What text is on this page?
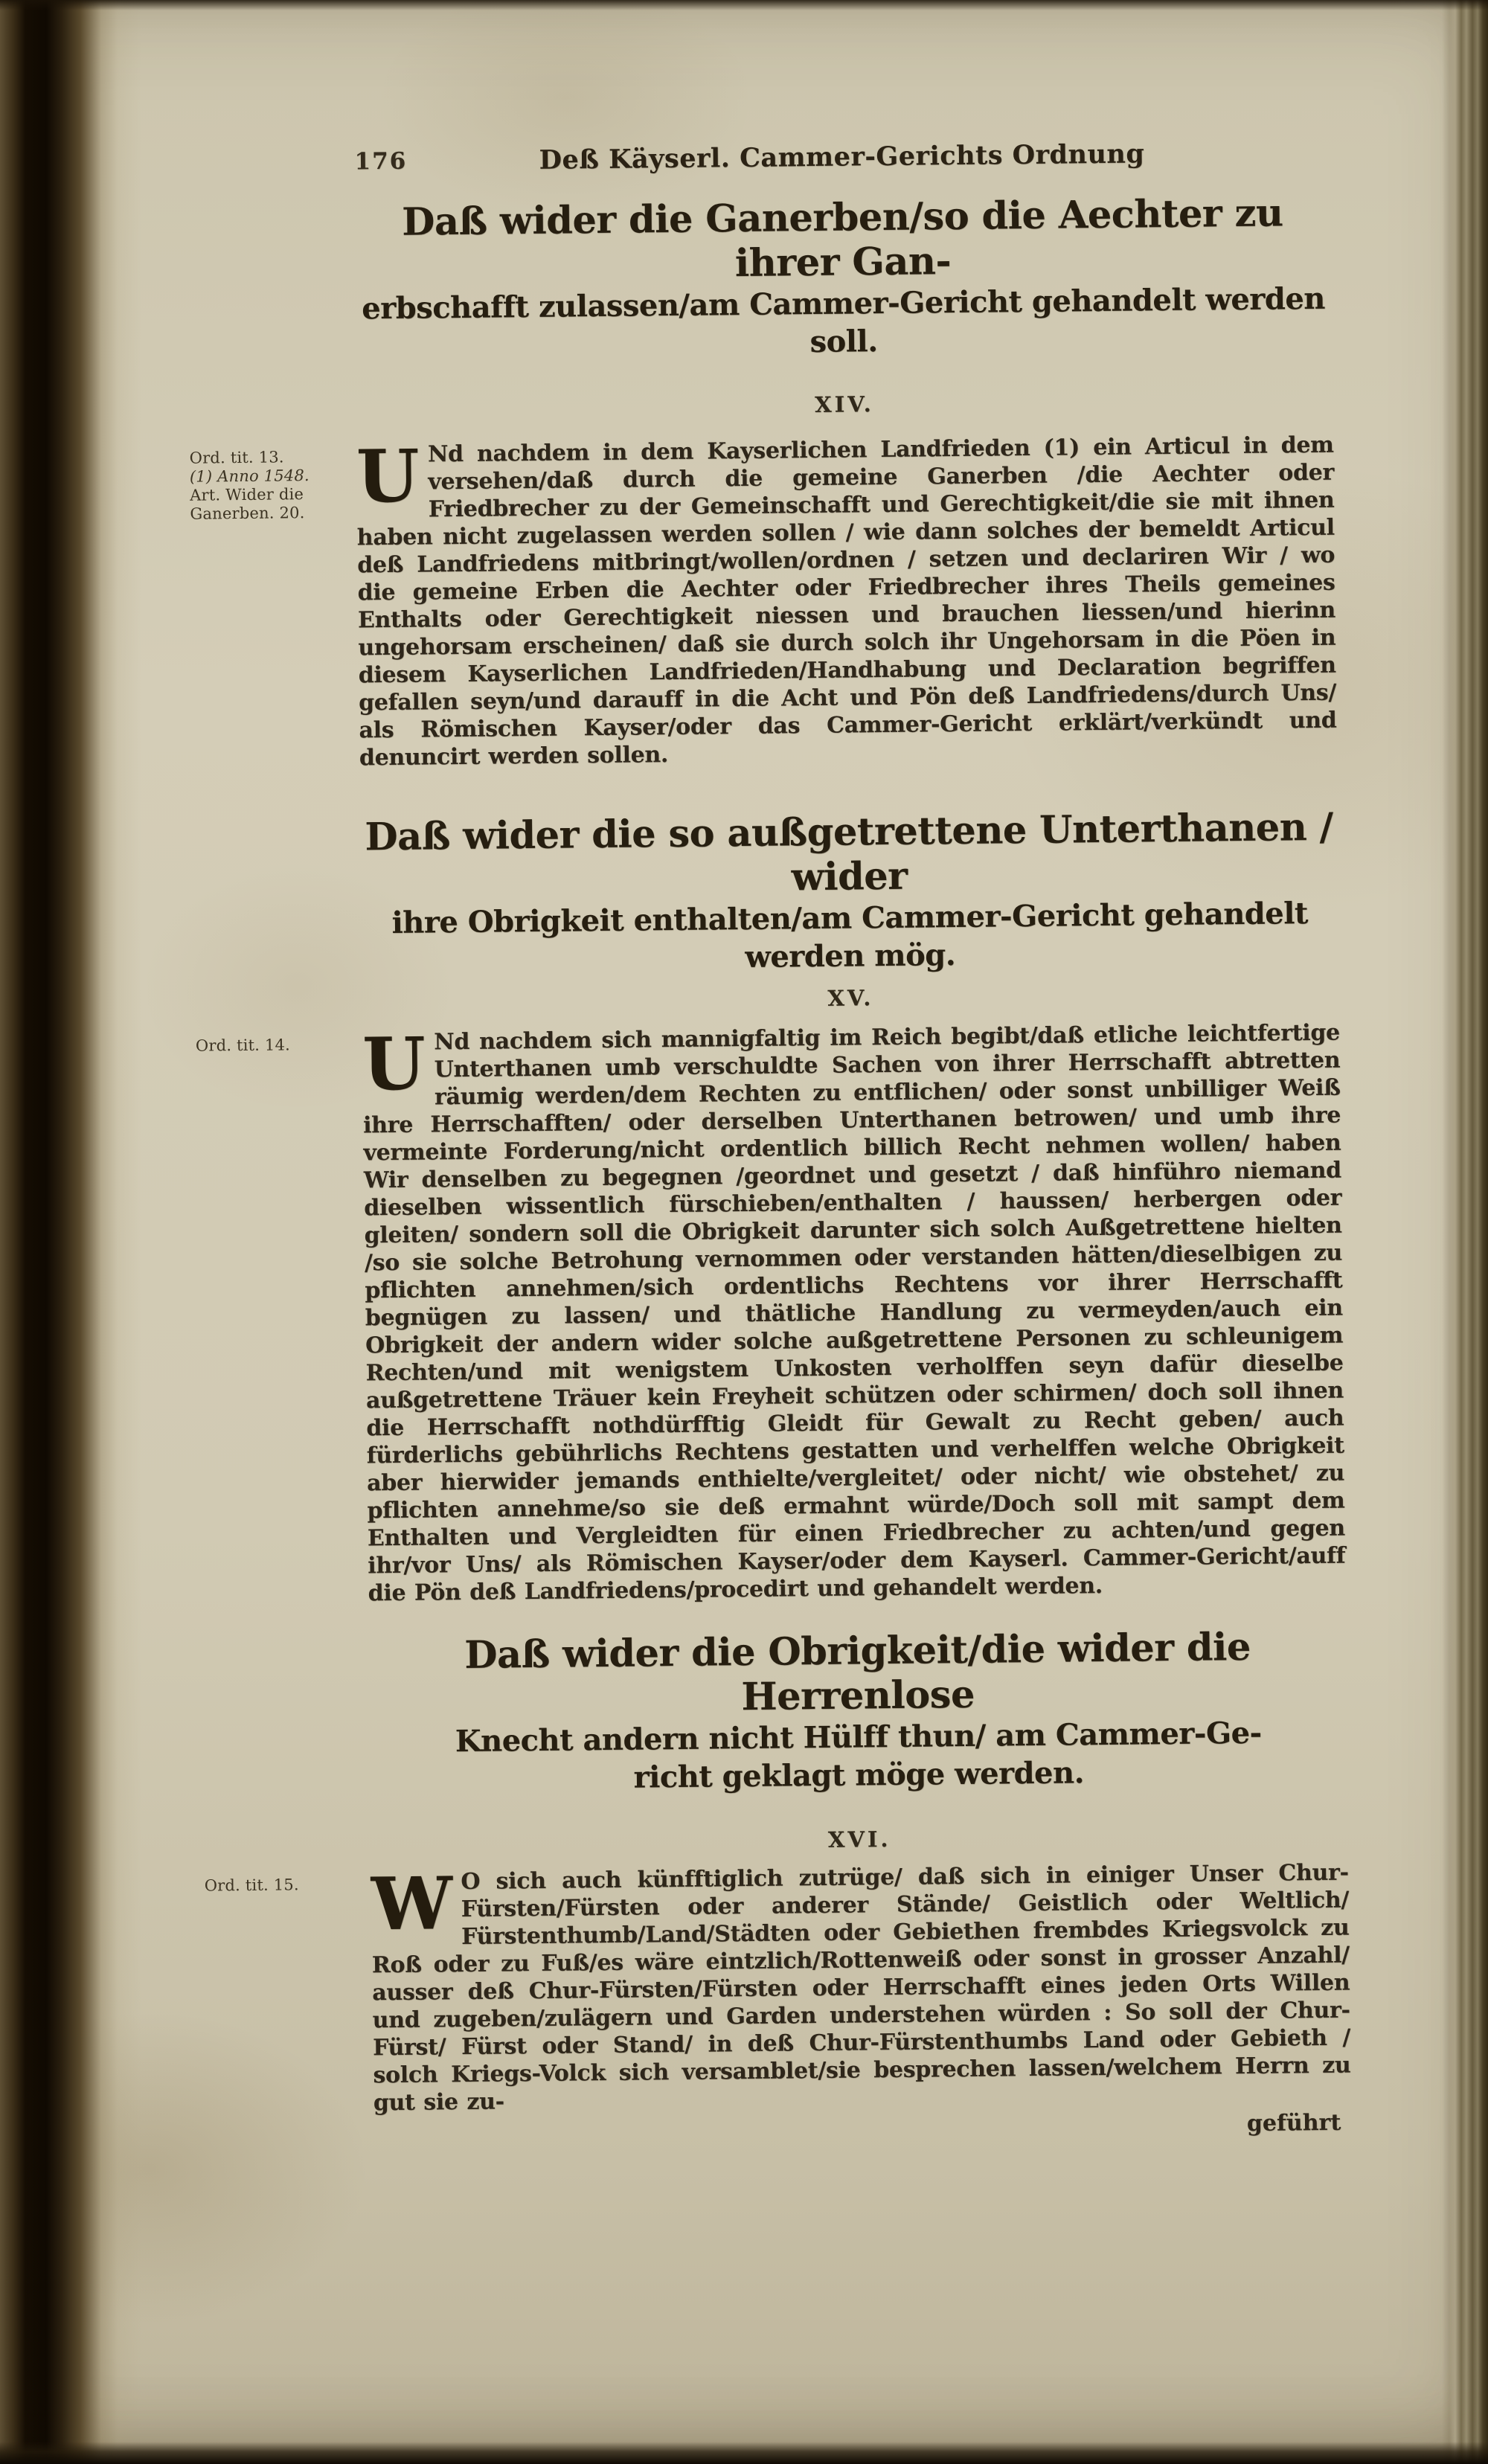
176	Deß Käyserl. Cammer-Gerichts Ordnung
Daß wider die Ganerben/so die Aechter zu ihrer Gan-
erbschafft zulassen/am Cammer-Gericht gehandelt werden soll.
XIV.
Ord. tit. 13.
(1) Anno 1548.
Art. Wider die
Ganerben. 20. U Nd nachdem in dem Kayserlichen Landfrieden (1) ein Articul in dem versehen/daß durch die gemeine Ganerben /die Aechter oder Friedbrecher zu der Gemeinschafft und Gerechtigkeit/die sie mit ihnen haben nicht zugelassen werden sollen / wie dann solches der bemeldt Articul deß Landfriedens mitbringt/wollen/ordnen / setzen und declariren Wir / wo die gemeine Erben die Aechter oder Friedbrecher ihres Theils gemeines Enthalts oder Gerechtigkeit niessen und brauchen liessen/und hierinn ungehorsam erscheinen/ daß sie durch solch ihr Ungehorsam in die Pöen in diesem Kayserlichen Landfrieden/Handhabung und Declaration begriffen gefallen seyn/und darauff in die Acht und Pön deß Landfriedens/durch Uns/ als Römischen Kayser/oder das Cammer-Gericht erklärt/verkündt und denuncirt werden sollen.

Daß wider die so außgetrettene Unterthanen / wider
ihre Obrigkeit enthalten/am Cammer-Gericht gehandelt
werden mög.
XV.
Ord. tit. 14. U Nd nachdem sich mannigfaltig im Reich begibt/daß etliche leichtfertige Unterthanen umb verschuldte Sachen von ihrer Herrschafft abtretten räumig werden/dem Rechten zu entflichen/ oder sonst unbilliger Weiß ihre Herrschafften/ oder derselben Unterthanen betrowen/ und umb ihre vermeinte Forderung/nicht ordentlich billich Recht nehmen wollen/ haben Wir denselben zu begegnen /geordnet und gesetzt / daß hinführo niemand dieselben wissentlich fürschieben/enthalten / haussen/ herbergen oder gleiten/ sondern soll die Obrigkeit darunter sich solch Außgetrettene hielten /so sie solche Betrohung vernommen oder verstanden hätten/dieselbigen zu pflichten annehmen/sich ordentlichs Rechtens vor ihrer Herrschafft begnügen zu lassen/ und thätliche Handlung zu vermeyden/auch ein Obrigkeit der andern wider solche außgetrettene Personen zu schleunigem Rechten/und mit wenigstem Unkosten verholffen seyn dafür dieselbe außgetrettene Träuer kein Freyheit schützen oder schirmen/ doch soll ihnen die Herrschafft nothdürfftig Gleidt für Gewalt zu Recht geben/ auch fürderlichs gebührlichs Rechtens gestatten und verhelffen welche Obrigkeit aber hierwider jemands enthielte/vergleitet/ oder nicht/ wie obstehet/ zu pflichten annehme/so sie deß ermahnt würde/Doch soll mit sampt dem Enthalten und Vergleidten für einen Friedbrecher zu achten/und gegen ihr/vor Uns/ als Römischen Kayser/oder dem Kayserl. Cammer-Gericht/auff die Pön deß Landfriedens/procedirt und gehandelt werden.

Daß wider die Obrigkeit/die wider die Herrenlose
Knecht andern nicht Hülff thun/ am Cammer-Ge-
richt geklagt möge werden.
XVI.
Ord. tit. 15. W O sich auch künfftiglich zutrüge/ daß sich in einiger Unser Chur-Fürsten/Fürsten oder anderer Stände/ Geistlich oder Weltlich/ Fürstenthumb/Land/Städten oder Gebiethen frembdes Kriegsvolck zu Roß oder zu Fuß/es wäre eintzlich/Rottenweiß oder sonst in grosser Anzahl/ ausser deß Chur-Fürsten/Fürsten oder Herrschafft eines jeden Orts Willen und zugeben/zulägern und Garden understehen würden : So soll der Chur-Fürst/ Fürst oder Stand/ in deß Chur-Fürstenthumbs Land oder Gebieth / solch Kriegs-Volck sich versamblet/sie besprechen lassen/welchem Herrn zu gut sie zu-

geführt
